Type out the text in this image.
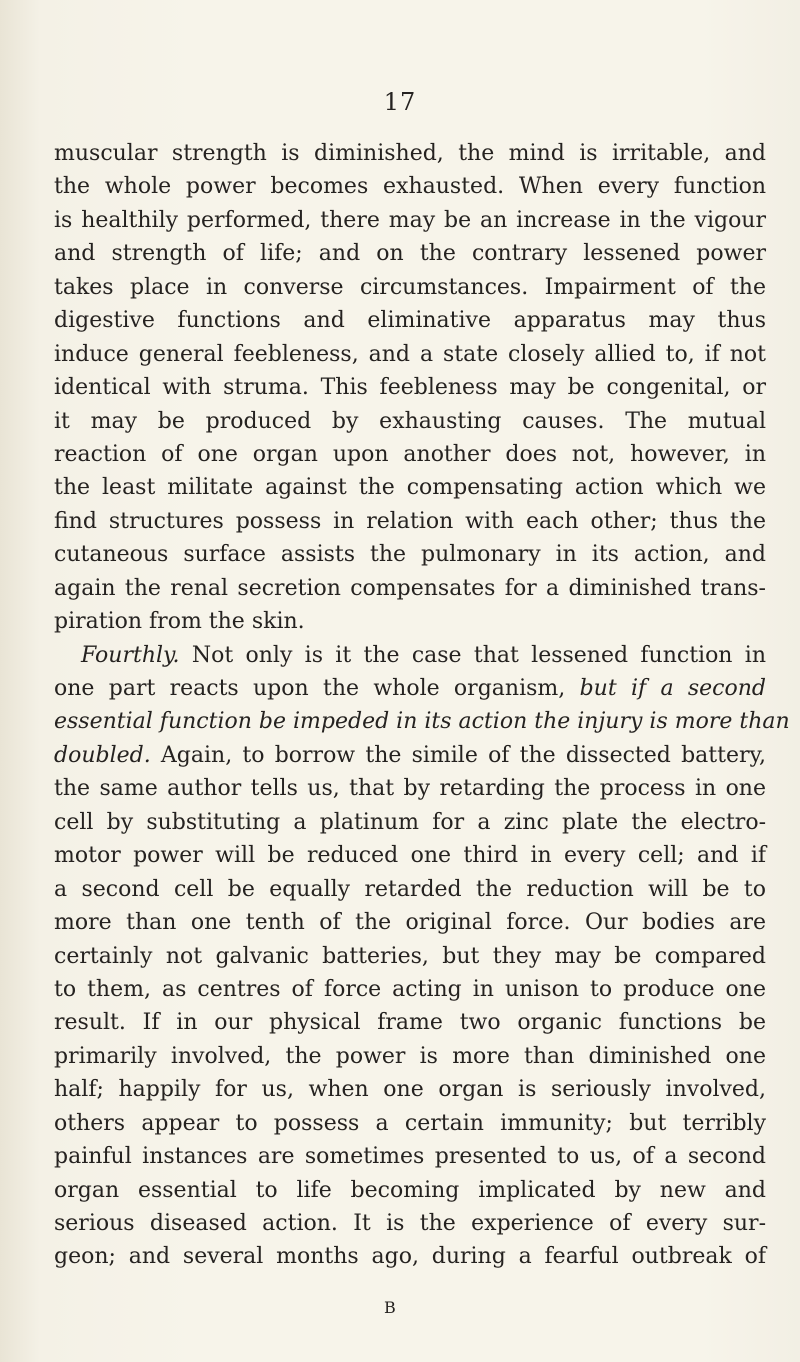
17
muscular strength is diminished, the mind is irritable, and
the whole power becomes exhausted. When every function
is healthily performed, there may be an increase in the vigour
and strength of life; and on the contrary lessened power
takes place in converse circumstances. Impairment of the
digestive functions and eliminative apparatus may thus
induce general feebleness, and a state closely allied to, if not
identical with struma. This feebleness may be congenital, or
it may be produced by exhausting causes. The mutual
reaction of one organ upon another does not, however, in
the least militate against the compensating action which we
find structures possess in relation with each other; thus the
cutaneous surface assists the pulmonary in its action, and
again the renal secretion compensates for a diminished trans-
piration from the skin.
Fourthly. Not only is it the case that lessened function in
one part reacts upon the whole organism, but if a second
essential function be impeded in its action the injury is more than
doubled. Again, to borrow the simile of the dissected battery,
the same author tells us, that by retarding the process in one
cell by substituting a platinum for a zinc plate the electro-
motor power will be reduced one third in every cell; and if
a second cell be equally retarded the reduction will be to
more than one tenth of the original force. Our bodies are
certainly not galvanic batteries, but they may be compared
to them, as centres of force acting in unison to produce one
result. If in our physical frame two organic functions be
primarily involved, the power is more than diminished one
half; happily for us, when one organ is seriously involved,
others appear to possess a certain immunity; but terribly
painful instances are sometimes presented to us, of a second
organ essential to life becoming implicated by new and
serious diseased action. It is the experience of every sur-
geon; and several months ago, during a fearful outbreak of
B
